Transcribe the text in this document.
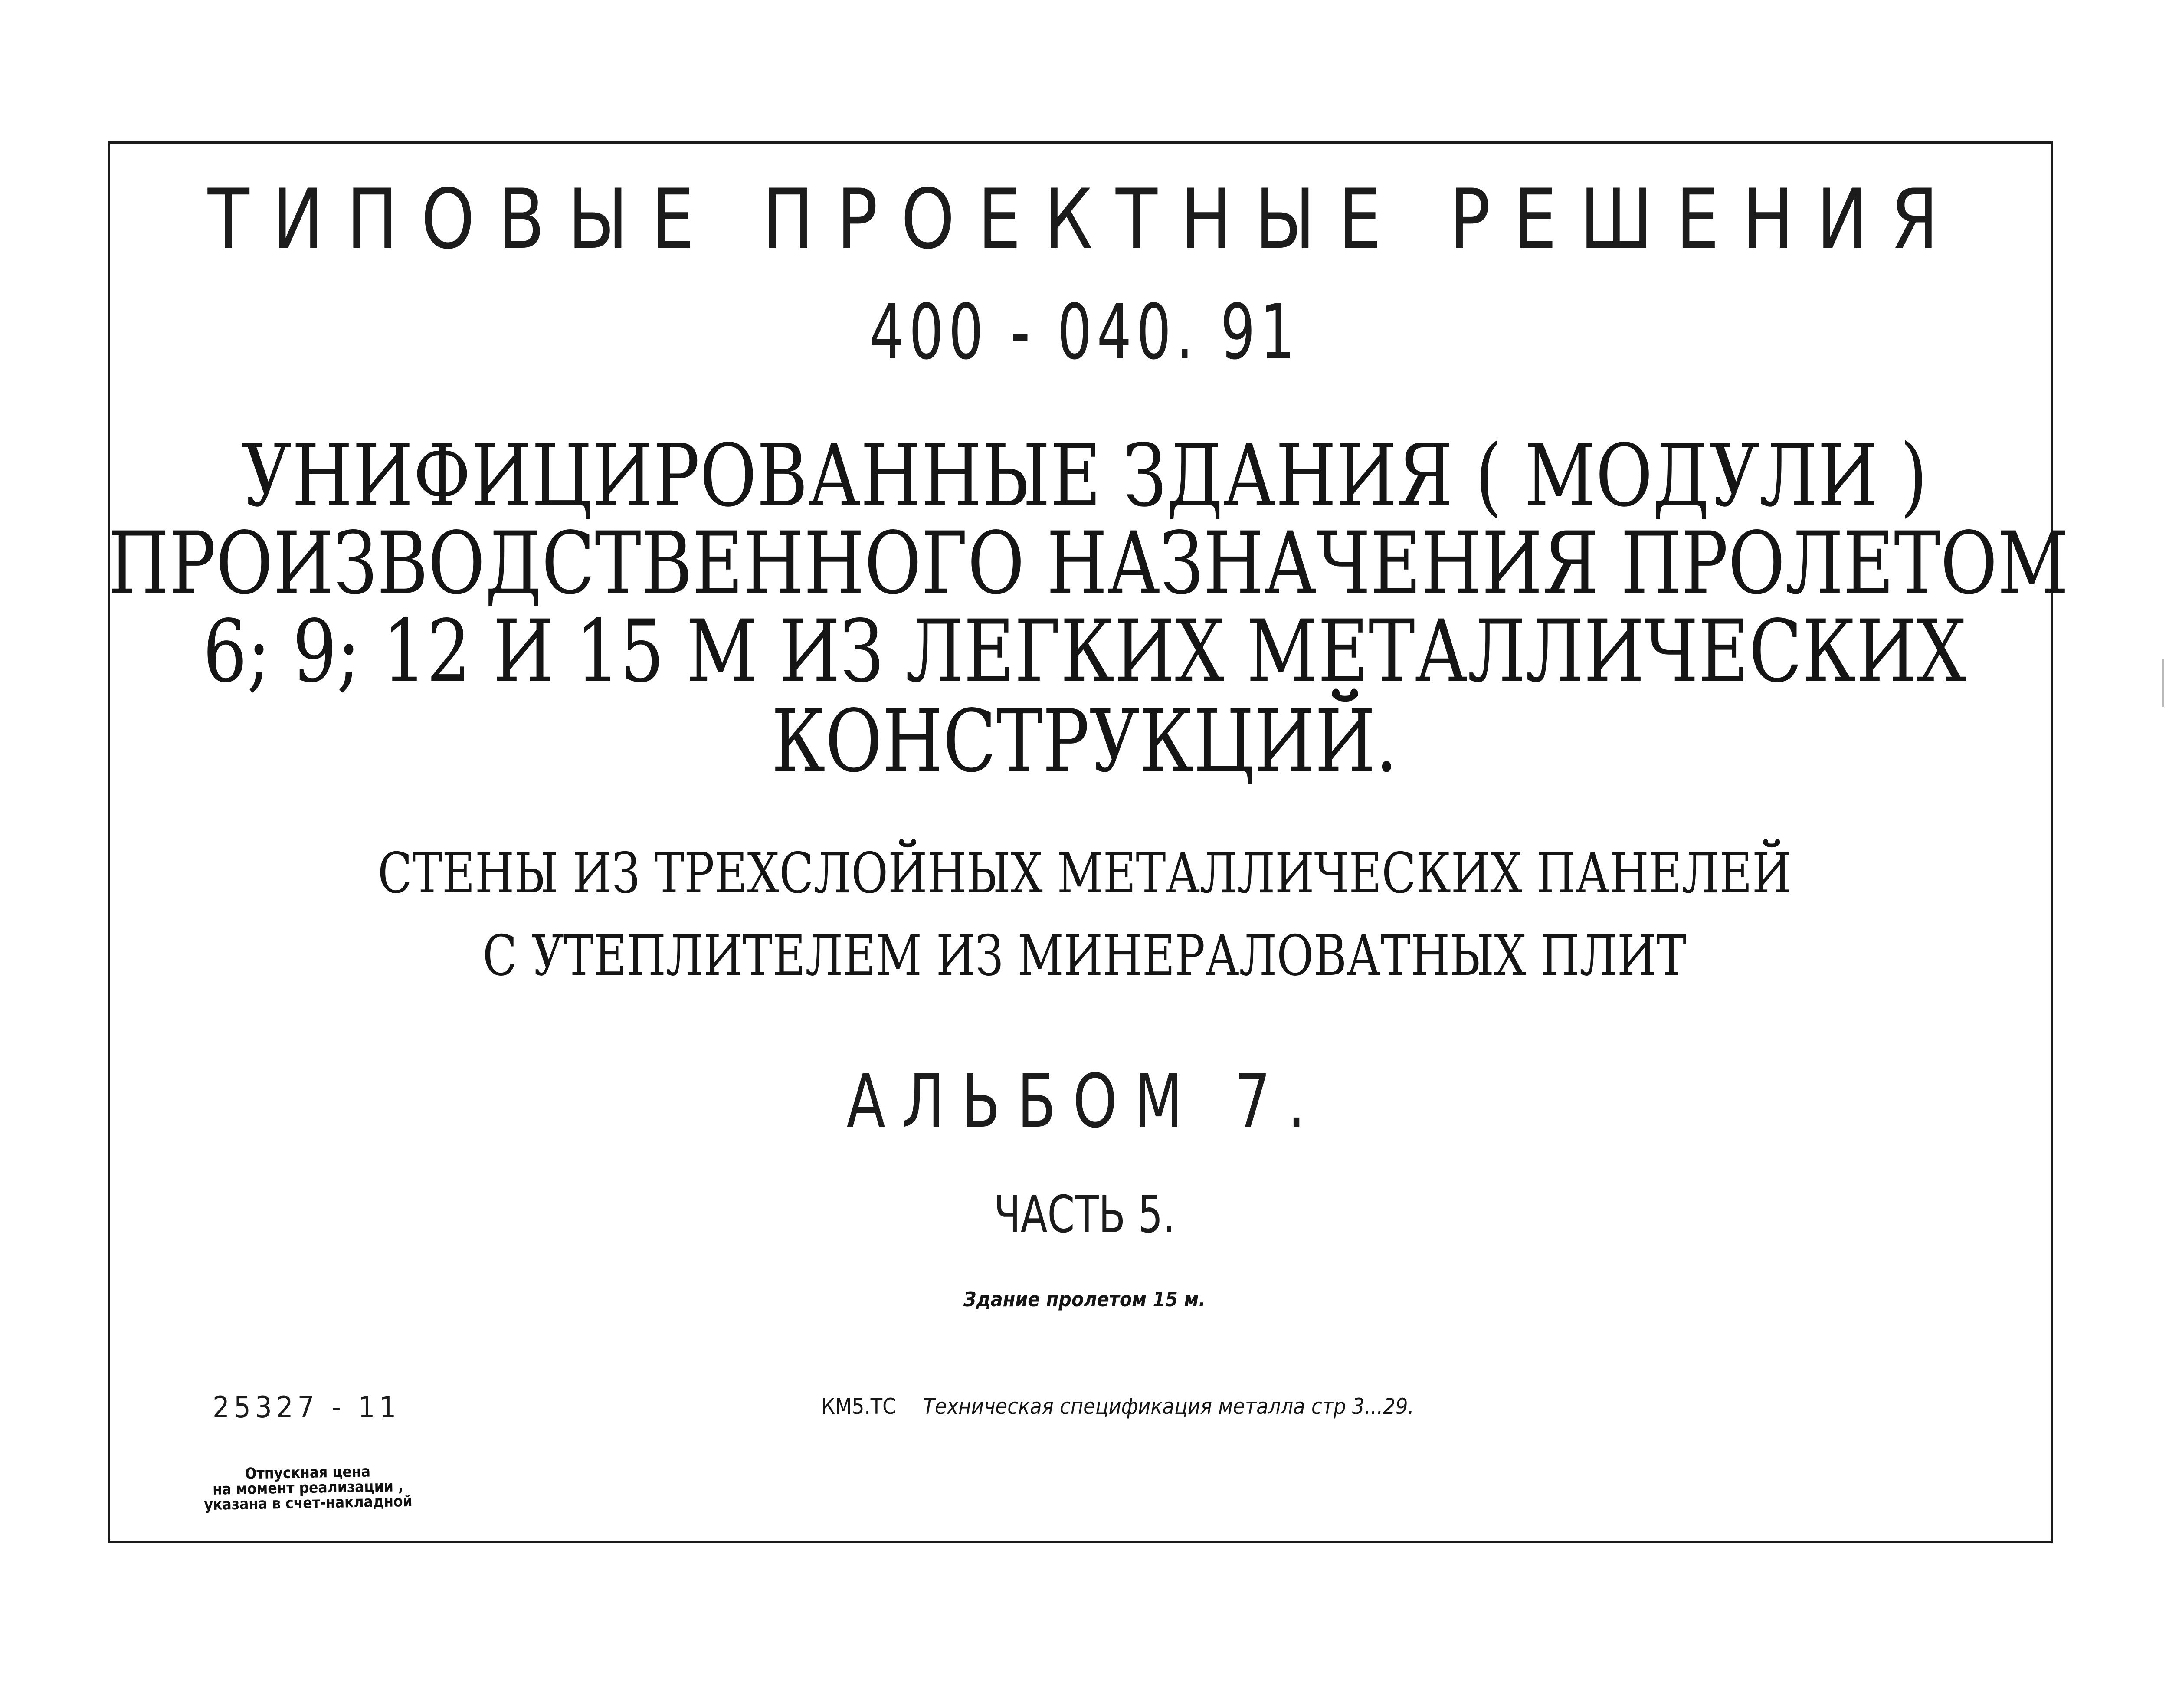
ТИПОВЫЕ ПРОЕКТНЫЕ РЕШЕНИЯ
400 - 040. 91
УНИФИЦИРОВАННЫЕ ЗДАНИЯ ( МОДУЛИ )
ПРОИЗВОДСТВЕННОГО НАЗНАЧЕНИЯ ПРОЛЕТОМ
6; 9; 12 И 15 М ИЗ ЛЕГКИХ МЕТАЛЛИЧЕСКИХ
КОНСТРУКЦИЙ.
СТЕНЫ ИЗ ТРЕХСЛОЙНЫХ МЕТАЛЛИЧЕСКИХ ПАНЕЛЕЙ
С УТЕПЛИТЕЛЕМ ИЗ МИНЕРАЛОВАТНЫХ ПЛИТ
АЛЬБОМ 7.
ЧАСТЬ 5.
Здание пролетом 15 м.
25327 - 11	КМ5.ТС Техническая спецификация металла стр 3...29.
Отпускная цена
на момент реализации ,
указана в счет-накладной
